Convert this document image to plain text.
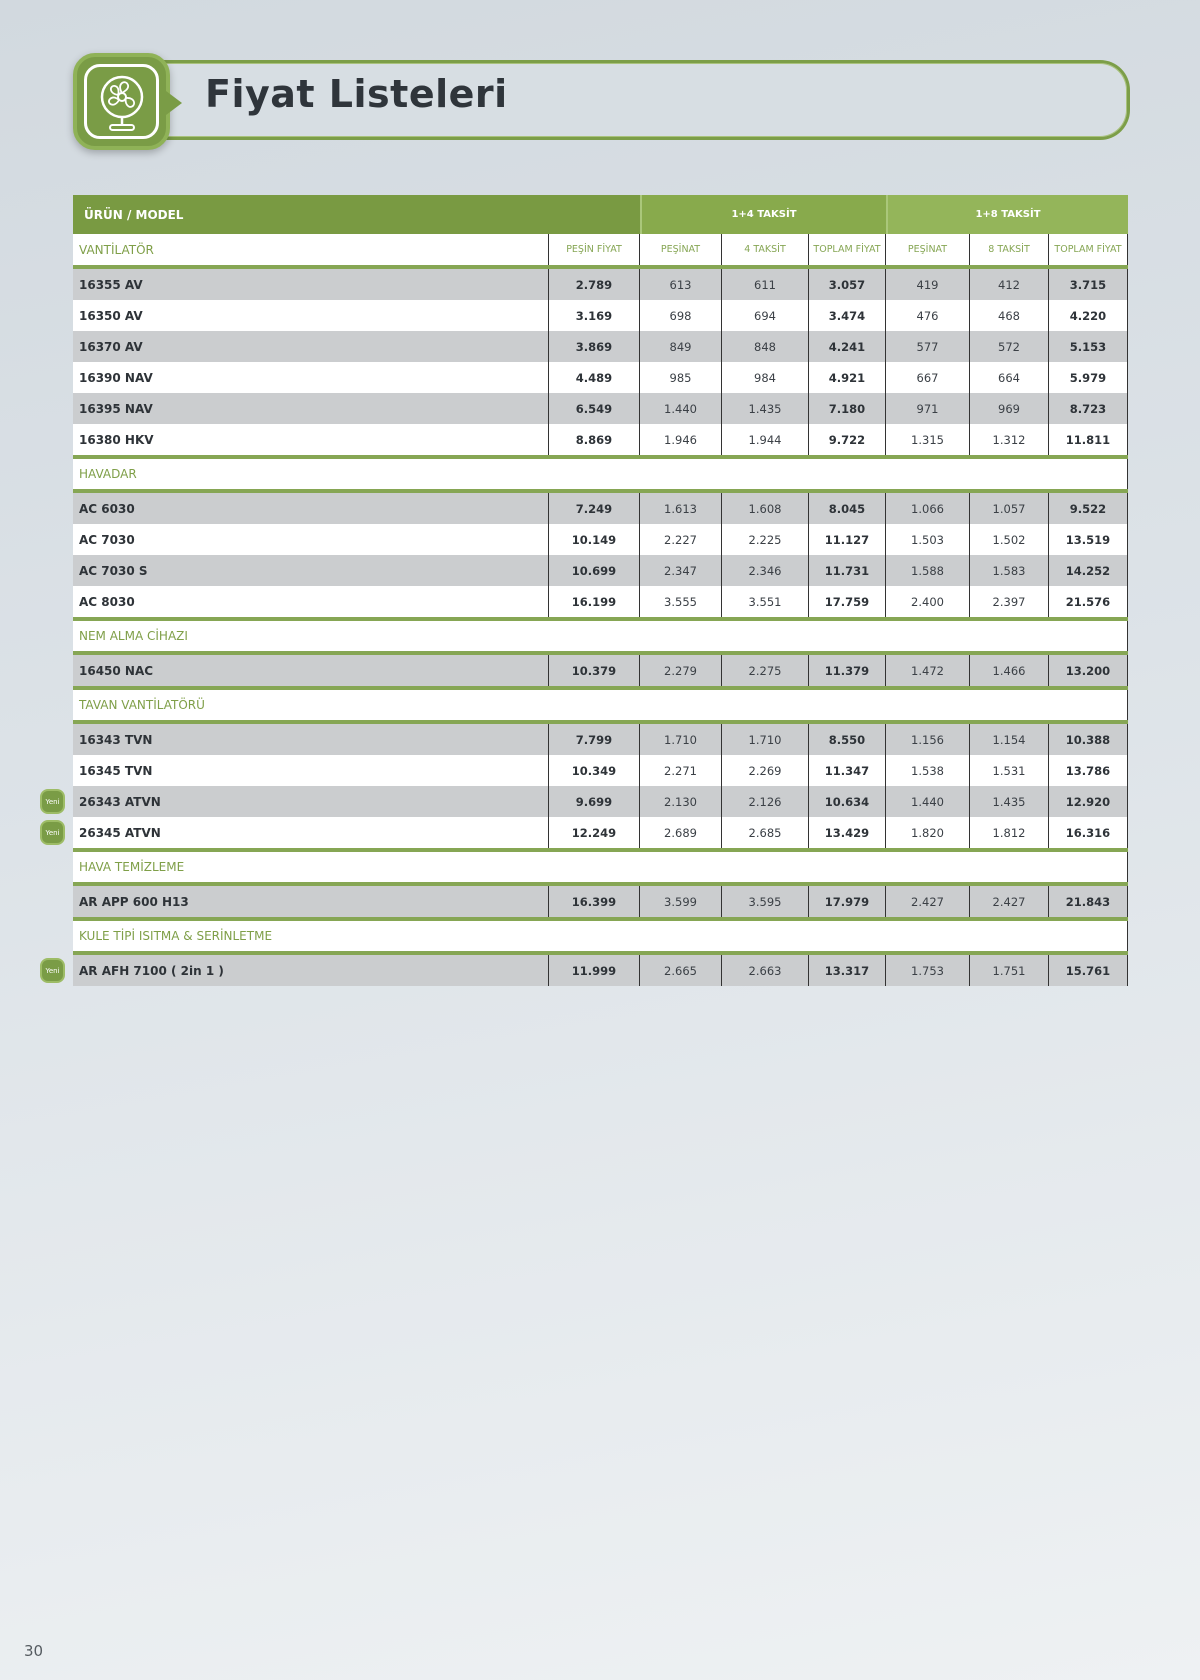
Fiyat Listeleri
ÜRÜN / MODEL	1+4 TAKSİT	1+8 TAKSİT
VANTİLATÖR	PEŞİN FİYAT	PEŞİNAT	4 TAKSİT	TOPLAM FİYAT	PEŞİNAT	8 TAKSİT	TOPLAM FİYAT
16355 AV	2.789	613	611	3.057	419	412	3.715
16350 AV	3.169	698	694	3.474	476	468	4.220
16370 AV	3.869	849	848	4.241	577	572	5.153
16390 NAV	4.489	985	984	4.921	667	664	5.979
16395 NAV	6.549	1.440	1.435	7.180	971	969	8.723
16380 HKV	8.869	1.946	1.944	9.722	1.315	1.312	11.811
HAVADAR
AC 6030	7.249	1.613	1.608	8.045	1.066	1.057	9.522
AC 7030	10.149	2.227	2.225	11.127	1.503	1.502	13.519
AC 7030 S	10.699	2.347	2.346	11.731	1.588	1.583	14.252
AC 8030	16.199	3.555	3.551	17.759	2.400	2.397	21.576
NEM ALMA CİHAZI
16450 NAC	10.379	2.279	2.275	11.379	1.472	1.466	13.200
TAVAN VANTİLATÖRÜ
16343 TVN	7.799	1.710	1.710	8.550	1.156	1.154	10.388
16345 TVN	10.349	2.271	2.269	11.347	1.538	1.531	13.786
26343 ATVN	9.699	2.130	2.126	10.634	1.440	1.435	12.920
Yeni
26345 ATVN	12.249	2.689	2.685	13.429	1.820	1.812	16.316
Yeni
HAVA TEMİZLEME
AR APP 600 H13	16.399	3.599	3.595	17.979	2.427	2.427	21.843
KULE TİPİ ISITMA & SERİNLETME
AR AFH 7100 ( 2in 1 )	11.999	2.665	2.663	13.317	1.753	1.751	15.761
Yeni
30
